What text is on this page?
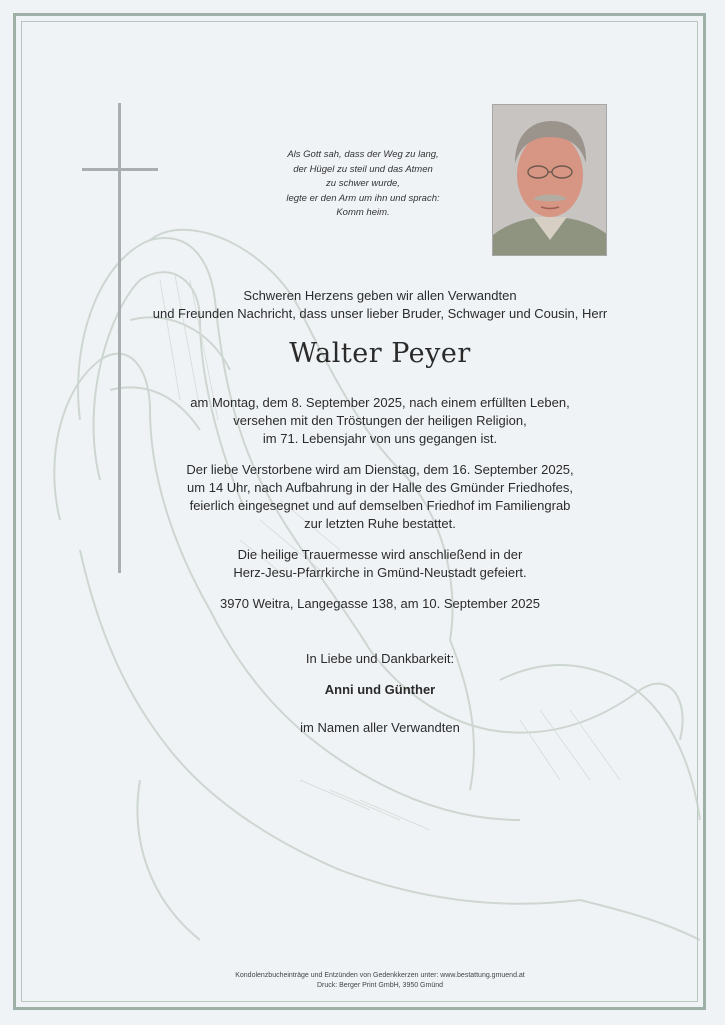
Als Gott sah, dass der Weg zu lang,
der Hügel zu steil und das Atmen
zu schwer wurde,
legte er den Arm um ihn und sprach:
Komm heim.
Schweren Herzens geben wir allen Verwandten
und Freunden Nachricht, dass unser lieber Bruder, Schwager und Cousin, Herr
Walter Peyer
am Montag, dem 8. September 2025, nach einem erfüllten Leben,
versehen mit den Tröstungen der heiligen Religion,
im 71. Lebensjahr von uns gegangen ist.
Der liebe Verstorbene wird am Dienstag, dem 16. September 2025,
um 14 Uhr, nach Aufbahrung in der Halle des Gmünder Friedhofes,
feierlich eingesegnet und auf demselben Friedhof im Familiengrab
zur letzten Ruhe bestattet.
Die heilige Trauermesse wird anschließend in der
Herz-Jesu-Pfarrkirche in Gmünd-Neustadt gefeiert.
3970 Weitra, Langegasse 138, am 10. September 2025
In Liebe und Dankbarkeit:
Anni und Günther
im Namen aller Verwandten
Kondolenzbucheinträge und Entzünden von Gedenkkerzen unter: www.bestattung.gmuend.at
Druck: Berger Print GmbH, 3950 Gmünd
